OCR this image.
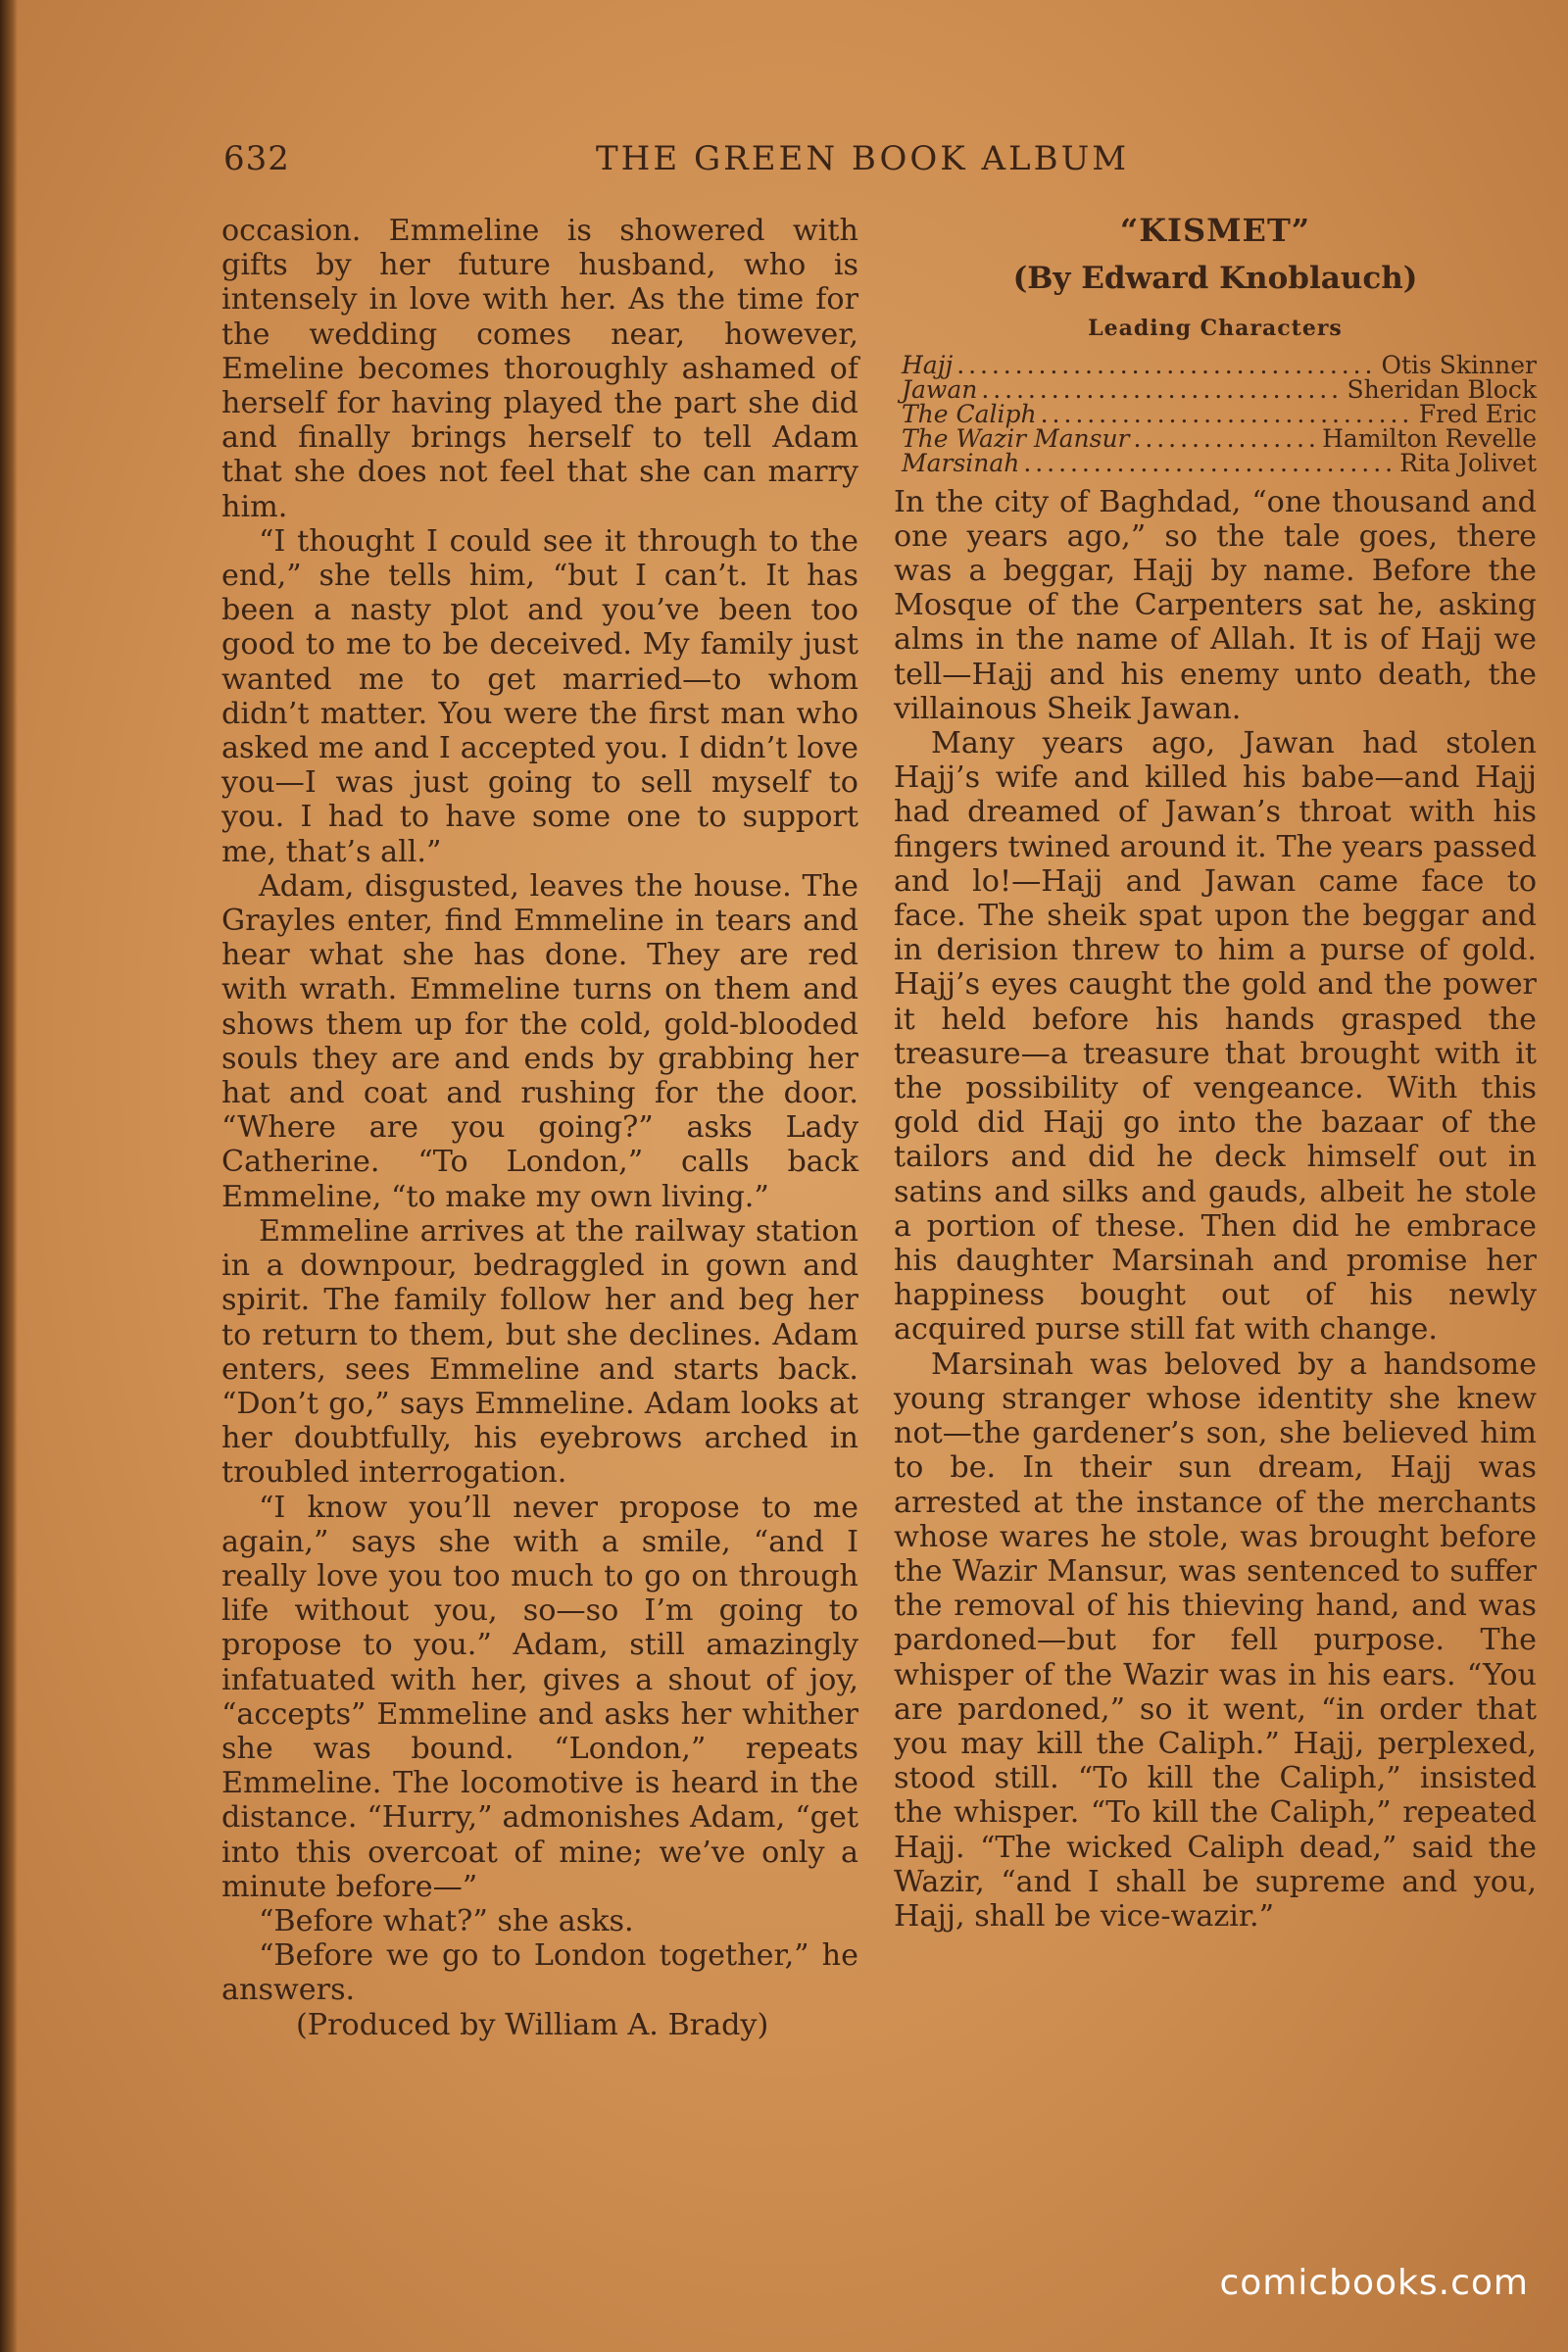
632	THE GREEN BOOK ALBUM

occasion. Emmeline is showered with gifts by her future husband, who is intensely in love with her. As the time for the wedding comes near, however, Emeline becomes thoroughly ashamed of herself for having played the part she did and finally brings herself to tell Adam that she does not feel that she can marry him.

“I thought I could see it through to the end,” she tells him, “but I can’t. It has been a nasty plot and you’ve been too good to me to be deceived. My family just wanted me to get married—to whom didn’t matter. You were the first man who asked me and I accepted you. I didn’t love you—I was just going to sell myself to you. I had to have some one to support me, that’s all.”

Adam, disgusted, leaves the house. The Grayles enter, find Emmeline in tears and hear what she has done. They are red with wrath. Emmeline turns on them and shows them up for the cold, gold-blooded souls they are and ends by grabbing her hat and coat and rushing for the door. “Where are you going?” asks Lady Catherine. “To London,” calls back Emmeline, “to make my own living.”

Emmeline arrives at the railway station in a downpour, bedraggled in gown and spirit. The family follow her and beg her to return to them, but she declines. Adam enters, sees Emmeline and starts back. “Don’t go,” says Emmeline. Adam looks at her doubtfully, his eyebrows arched in troubled interrogation.

“I know you’ll never propose to me again,” says she with a smile, “and I really love you too much to go on through life without you, so—so I’m going to propose to you.” Adam, still amazingly infatuated with her, gives a shout of joy, “accepts” Emmeline and asks her whither she was bound. “London,” repeats Emmeline. The locomotive is heard in the distance. “Hurry,” admonishes Adam, “get into this overcoat of mine; we’ve only a minute before—”

“Before what?” she asks.

“Before we go to London together,” he answers.

(Produced by William A. Brady)

“KISMET”
(By Edward Knoblauch)
Leading Characters
Hajj . . .	Otis Skinner
Jawan . . .	Sheridan Block
The Caliph . . .	Fred Eric
The Wazir Mansur . . .	Hamilton Revelle
Marsinah . . .	Rita Jolivet

In the city of Baghdad, “one thousand and one years ago,” so the tale goes, there was a beggar, Hajj by name. Before the Mosque of the Carpenters sat he, asking alms in the name of Allah. It is of Hajj we tell—Hajj and his enemy unto death, the villainous Sheik Jawan.

Many years ago, Jawan had stolen Hajj’s wife and killed his babe—and Hajj had dreamed of Jawan’s throat with his fingers twined around it. The years passed and lo!—Hajj and Jawan came face to face. The sheik spat upon the beggar and in derision threw to him a purse of gold. Hajj’s eyes caught the gold and the power it held before his hands grasped the treasure—a treasure that brought with it the possibility of vengeance. With this gold did Hajj go into the bazaar of the tailors and did he deck himself out in satins and silks and gauds, albeit he stole a portion of these. Then did he embrace his daughter Marsinah and promise her happiness bought out of his newly acquired purse still fat with change.

Marsinah was beloved by a handsome young stranger whose identity she knew not—the gardener’s son, she believed him to be. In their sun dream, Hajj was arrested at the instance of the merchants whose wares he stole, was brought before the Wazir Mansur, was sentenced to suffer the removal of his thieving hand, and was pardoned—but for fell purpose. The whisper of the Wazir was in his ears. “You are pardoned,” so it went, “in order that you may kill the Caliph.” Hajj, perplexed, stood still. “To kill the Caliph,” insisted the whisper. “To kill the Caliph,” repeated Hajj. “The wicked Caliph dead,” said the Wazir, “and I shall be supreme and you, Hajj, shall be vice-wazir.”

comicbooks.com
